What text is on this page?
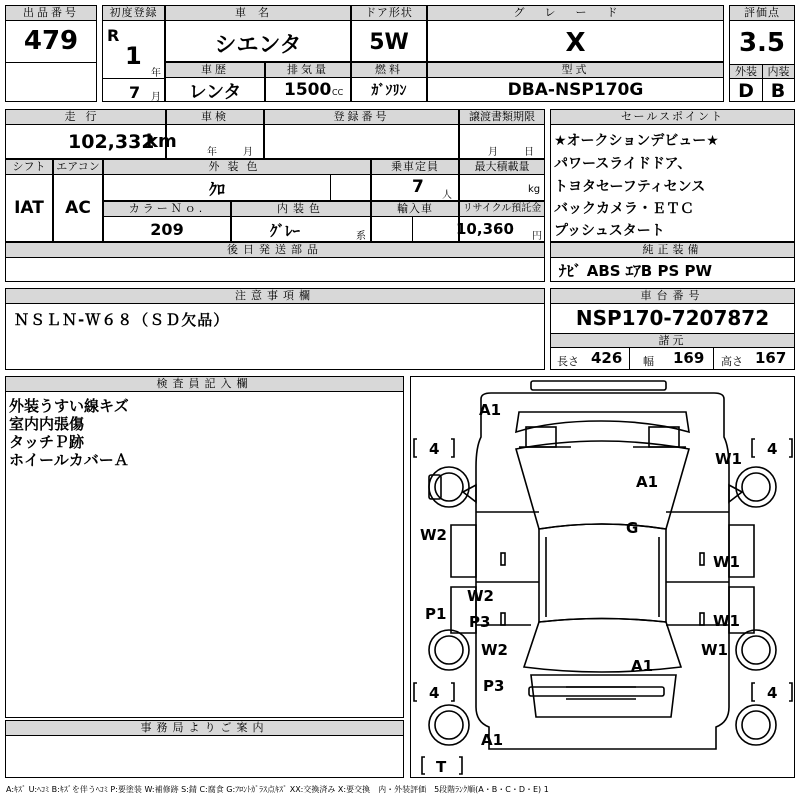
出品番号
479
初度登録
R
1
年
7 月
車名
シエンタ
ドア形状
5W
グレード
X
評価点
3.5
外装 内装
D B
車歴
レンタ
排気量
1500 CC
燃料
ｶﾞｿﾘﾝ
型式
DBA-NSP170G
走行
102,332
km
車検
年	月
登録番号	譲渡書類期限
月	日
セールスポイント
★オークションデビュー★
パワースライドドア、
トヨタセーフティセンス
バックカメラ・ＥＴＣ
プッシュスタート
シフト
IAT
エアコン
AC
外装色
ｸﾛ
乗車定員
7 人
最大積載量
kg
カラーＮｏ.
209
内装色
ｸﾞﾚｰ	系
輸入車	リサイクル預託金
10,360 円
後日発送部品	純正装備
ﾅﾋﾞ ABS ｴｱB PS PW
注意事項欄
ＮＳＬＮ-Ｗ６８（ＳＤ欠品）
車台番号
NSP170-7207872
諸元
長さ 426 幅 169 高さ 167
検査員記入欄
外装うすい線キズ
室内内張傷
タッチＰ跡
ホイールカバーＡ
事務局よりご案内
4	4
4	4
T
A1
A1
G
A1
A1
W1
W1
W1
W1
W2
W2
W2
P1 P3
P3
A:ｷｽﾞ U:ﾍｺﾐ B:ｷｽﾞを伴うﾍｺﾐ P:要塗装 W:補修跡 S:錆 C:腐食 G:ﾌﾛﾝﾄｶﾞﾗｽ点ｷｽﾞ XX:交換済み X:要交換　内・外装評価　5段階ﾗﾝｸ順(A・B・C・D・E) 1
